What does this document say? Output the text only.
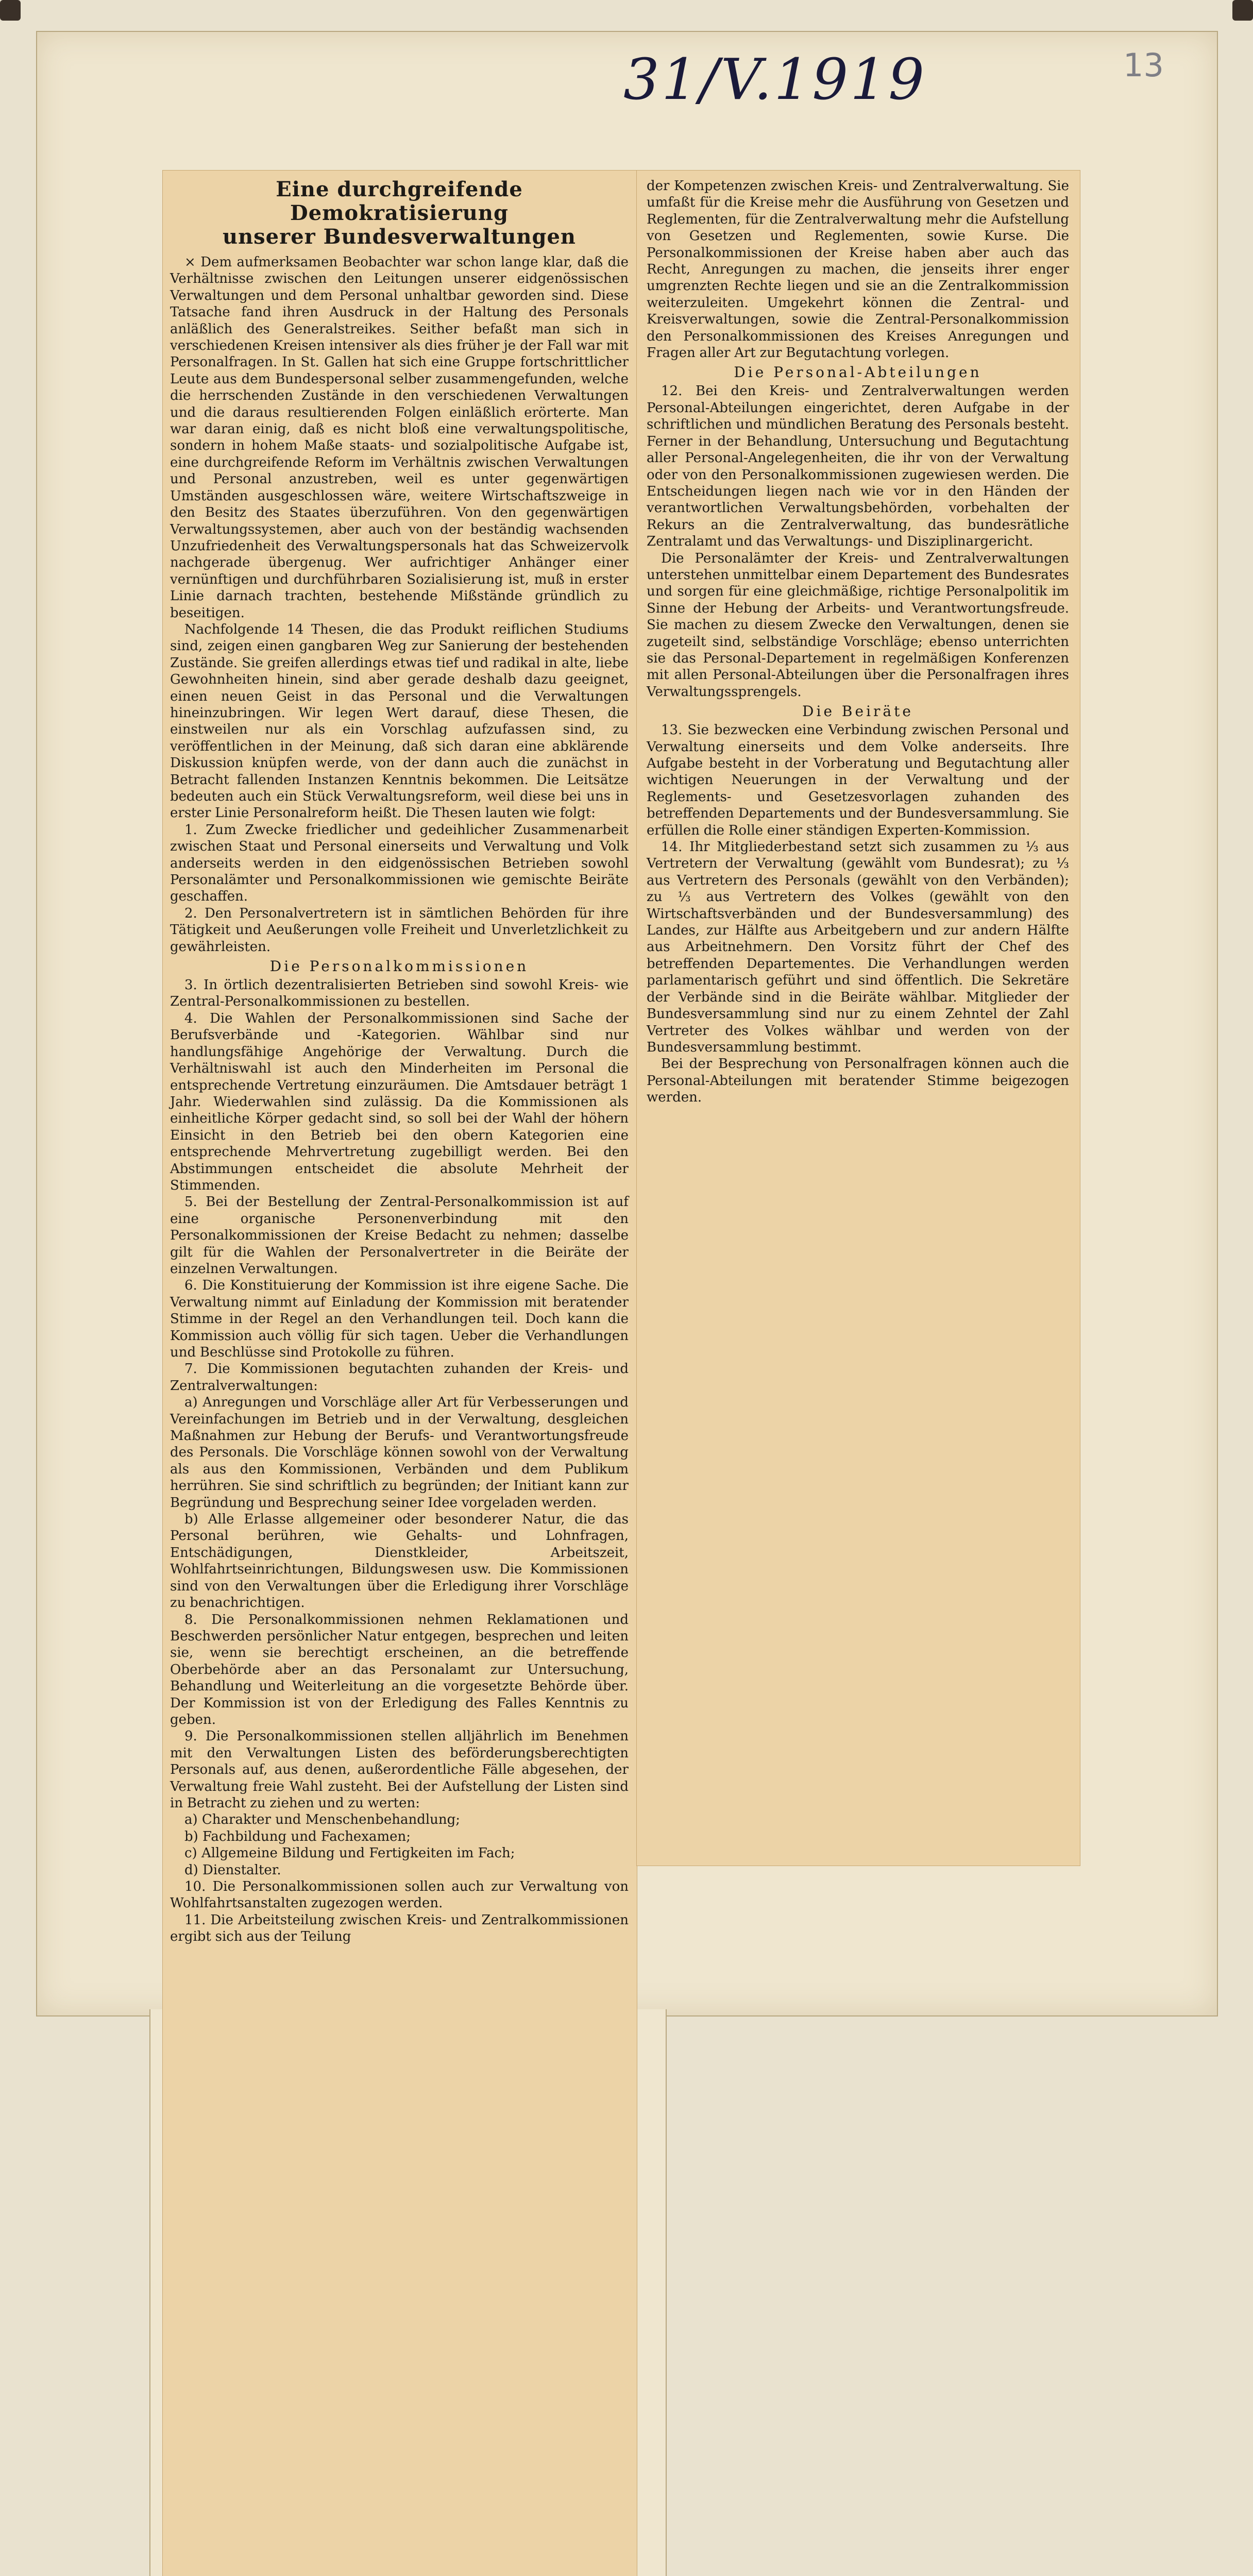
31/V.1919	13
Eine durchgreifende Demokratisierung
unserer Bundesverwaltungen

× Dem aufmerksamen Beobachter war schon lange klar, daß die Verhältnisse zwischen den Leitungen unserer eidgenössischen Verwaltungen und dem Personal unhaltbar geworden sind. Diese Tatsache fand ihren Ausdruck in der Haltung des Personals anläßlich des Generalstreikes. Seither befaßt man sich in verschiedenen Kreisen intensiver als dies früher je der Fall war mit Personalfragen. In St. Gallen hat sich eine Gruppe fortschrittlicher Leute aus dem Bundespersonal selber zusammengefunden, welche die herrschenden Zustände in den verschiedenen Verwaltungen und die daraus resultierenden Folgen einläßlich erörterte. Man war daran einig, daß es nicht bloß eine verwaltungspolitische, sondern in hohem Maße staats- und sozialpolitische Aufgabe ist, eine durchgreifende Reform im Verhältnis zwischen Verwaltungen und Personal anzustreben, weil es unter gegenwärtigen Umständen ausgeschlossen wäre, weitere Wirtschaftszweige in den Besitz des Staates überzuführen. Von den gegenwärtigen Verwaltungssystemen, aber auch von der beständig wachsenden Unzufriedenheit des Verwaltungspersonals hat das Schweizervolk nachgerade übergenug. Wer aufrichtiger Anhänger einer vernünftigen und durchführbaren Sozialisierung ist, muß in erster Linie darnach trachten, bestehende Mißstände gründlich zu beseitigen.

Nachfolgende 14 Thesen, die das Produkt reiflichen Studiums sind, zeigen einen gangbaren Weg zur Sanierung der bestehenden Zustände. Sie greifen allerdings etwas tief und radikal in alte, liebe Gewohnheiten hinein, sind aber gerade deshalb dazu geeignet, einen neuen Geist in das Personal und die Verwaltungen hineinzubringen. Wir legen Wert darauf, diese Thesen, die einstweilen nur als ein Vorschlag aufzufassen sind, zu veröffentlichen in der Meinung, daß sich daran eine abklärende Diskussion knüpfen werde, von der dann auch die zunächst in Betracht fallenden Instanzen Kenntnis bekommen. Die Leitsätze bedeuten auch ein Stück Verwaltungsreform, weil diese bei uns in erster Linie Personalreform heißt. Die Thesen lauten wie folgt:

1. Zum Zwecke friedlicher und gedeihlicher Zusammenarbeit zwischen Staat und Personal einerseits und Verwaltung und Volk anderseits werden in den eidgenössischen Betrieben sowohl Personalämter und Personalkommissionen wie gemischte Beiräte geschaffen.

2. Den Personalvertretern ist in sämtlichen Behörden für ihre Tätigkeit und Aeußerungen volle Freiheit und Unverletzlichkeit zu gewährleisten.

Die Personalkommissionen

3. In örtlich dezentralisierten Betrieben sind sowohl Kreis- wie Zentral-Personalkommissionen zu bestellen.

4. Die Wahlen der Personalkommissionen sind Sache der Berufsverbände und -Kategorien. Wählbar sind nur handlungsfähige Angehörige der Verwaltung. Durch die Verhältniswahl ist auch den Minderheiten im Personal die entsprechende Vertretung einzuräumen. Die Amtsdauer beträgt 1 Jahr. Wiederwahlen sind zulässig. Da die Kommissionen als einheitliche Körper gedacht sind, so soll bei der Wahl der höhern Einsicht in den Betrieb bei den obern Kategorien eine entsprechende Mehrvertretung zugebilligt werden. Bei den Abstimmungen entscheidet die absolute Mehrheit der Stimmenden.

5. Bei der Bestellung der Zentral-Personalkommission ist auf eine organische Personenverbindung mit den Personalkommissionen der Kreise Bedacht zu nehmen; dasselbe gilt für die Wahlen der Personalvertreter in die Beiräte der einzelnen Verwaltungen.

6. Die Konstituierung der Kommission ist ihre eigene Sache. Die Verwaltung nimmt auf Einladung der Kommission mit beratender Stimme in der Regel an den Verhandlungen teil. Doch kann die Kommission auch völlig für sich tagen. Ueber die Verhandlungen und Beschlüsse sind Protokolle zu führen.

7. Die Kommissionen begutachten zuhanden der Kreis- und Zentralverwaltungen:

a) Anregungen und Vorschläge aller Art für Verbesserungen und Vereinfachungen im Betrieb und in der Verwaltung, desgleichen Maßnahmen zur Hebung der Berufs- und Verantwortungsfreude des Personals. Die Vorschläge können sowohl von der Verwaltung als aus den Kommissionen, Verbänden und dem Publikum herrühren. Sie sind schriftlich zu begründen; der Initiant kann zur Begründung und Besprechung seiner Idee vorgeladen werden.

b) Alle Erlasse allgemeiner oder besonderer Natur, die das Personal berühren, wie Gehalts- und Lohnfragen, Entschädigungen, Dienstkleider, Arbeitszeit, Wohlfahrtseinrichtungen, Bildungswesen usw. Die Kommissionen sind von den Verwaltungen über die Erledigung ihrer Vorschläge zu benachrichtigen.

8. Die Personalkommissionen nehmen Reklamationen und Beschwerden persönlicher Natur entgegen, besprechen und leiten sie, wenn sie berechtigt erscheinen, an die betreffende Oberbehörde aber an das Personalamt zur Untersuchung, Behandlung und Weiterleitung an die vorgesetzte Behörde über. Der Kommission ist von der Erledigung des Falles Kenntnis zu geben.

9. Die Personalkommissionen stellen alljährlich im Benehmen mit den Verwaltungen Listen des beförderungsberechtigten Personals auf, aus denen, außerordentliche Fälle abgesehen, der Verwaltung freie Wahl zusteht. Bei der Aufstellung der Listen sind in Betracht zu ziehen und zu werten:

a) Charakter und Menschenbehandlung;

b) Fachbildung und Fachexamen;

c) Allgemeine Bildung und Fertigkeiten im Fach;

d) Dienstalter.

10. Die Personalkommissionen sollen auch zur Verwaltung von Wohlfahrtsanstalten zugezogen werden.

11. Die Arbeitsteilung zwischen Kreis- und Zentralkommissionen ergibt sich aus der Teilung

der Kompetenzen zwischen Kreis- und Zentralverwaltung. Sie umfaßt für die Kreise mehr die Ausführung von Gesetzen und Reglementen, für die Zentralverwaltung mehr die Aufstellung von Gesetzen und Reglementen, sowie Kurse. Die Personalkommissionen der Kreise haben aber auch das Recht, Anregungen zu machen, die jenseits ihrer enger umgrenzten Rechte liegen und sie an die Zentralkommission weiterzuleiten. Umgekehrt können die Zentral- und Kreisverwaltungen, sowie die Zentral-Personalkommission den Personalkommissionen des Kreises Anregungen und Fragen aller Art zur Begutachtung vorlegen.

Die Personal-Abteilungen

12. Bei den Kreis- und Zentralverwaltungen werden Personal-Abteilungen eingerichtet, deren Aufgabe in der schriftlichen und mündlichen Beratung des Personals besteht. Ferner in der Behandlung, Untersuchung und Begutachtung aller Personal-Angelegenheiten, die ihr von der Verwaltung oder von den Personalkommissionen zugewiesen werden. Die Entscheidungen liegen nach wie vor in den Händen der verantwortlichen Verwaltungsbehörden, vorbehalten der Rekurs an die Zentralverwaltung, das bundesrätliche Zentralamt und das Verwaltungs- und Disziplinargericht.

Die Personalämter der Kreis- und Zentralverwaltungen unterstehen unmittelbar einem Departement des Bundesrates und sorgen für eine gleichmäßige, richtige Personalpolitik im Sinne der Hebung der Arbeits- und Verantwortungsfreude. Sie machen zu diesem Zwecke den Verwaltungen, denen sie zugeteilt sind, selbständige Vorschläge; ebenso unterrichten sie das Personal-Departement in regelmäßigen Konferenzen mit allen Personal-Abteilungen über die Personalfragen ihres Verwaltungssprengels.

Die Beiräte

13. Sie bezwecken eine Verbindung zwischen Personal und Verwaltung einerseits und dem Volke anderseits. Ihre Aufgabe besteht in der Vorberatung und Begutachtung aller wichtigen Neuerungen in der Verwaltung und der Reglements- und Gesetzesvorlagen zuhanden des betreffenden Departements und der Bundesversammlung. Sie erfüllen die Rolle einer ständigen Experten-Kommission.

14. Ihr Mitgliederbestand setzt sich zusammen zu ⅓ aus Vertretern der Verwaltung (gewählt vom Bundesrat); zu ⅓ aus Vertretern des Personals (gewählt von den Verbänden); zu ⅓ aus Vertretern des Volkes (gewählt von den Wirtschaftsverbänden und der Bundesversammlung) des Landes, zur Hälfte aus Arbeitgebern und zur andern Hälfte aus Arbeitnehmern. Den Vorsitz führt der Chef des betreffenden Departementes. Die Verhandlungen werden parlamentarisch geführt und sind öffentlich. Die Sekretäre der Verbände sind in die Beiräte wählbar. Mitglieder der Bundesversammlung sind nur zu einem Zehntel der Zahl Vertreter des Volkes wählbar und werden von der Bundesversammlung bestimmt.

Bei der Besprechung von Personalfragen können auch die Personal-Abteilungen mit beratender Stimme beigezogen werden.
